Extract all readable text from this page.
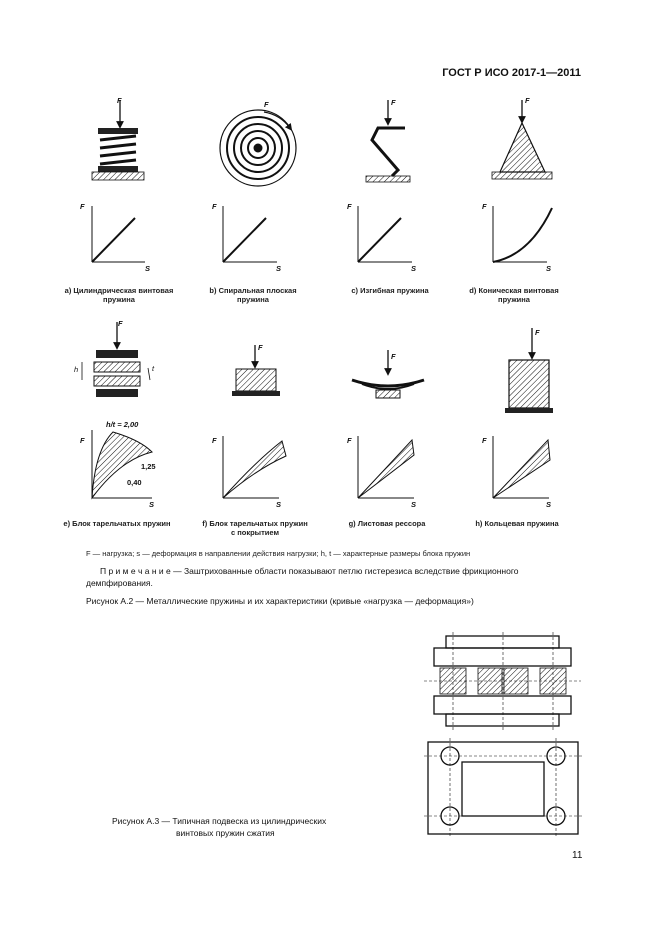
ГОСТ Р ИСО 2017-1—2011
F	F	F	F
F
S
F
S
F
S
F
S
а) Цилиндрическая винтовая пружина
b) Спиральная плоская пружина
c) Изгибная пружина	d) Коническая винтовая пружина
F
F
F
F
h	t
h/t = 2,00
1,25
0,40
F
S
F
S
F
S
F
S
e) Блок тарельчатых пружин	f) Блок тарельчатых пружин с покрытием
g) Листовая рессора	h) Кольцевая пружина
F — нагрузка; s — деформация в направлении действия нагрузки; h, t — характерные размеры блока пружин
П р и м е ч а н и е — Заштрихованные области показывают петлю гистерезиса вследствие фрикционного демпфирования.
Рисунок А.2 — Металлические пружины и их характеристики (кривые «нагрузка — деформация»)
Рисунок А.3 — Типичная подвеска из цилиндрических
винтовых пружин сжатия
11
